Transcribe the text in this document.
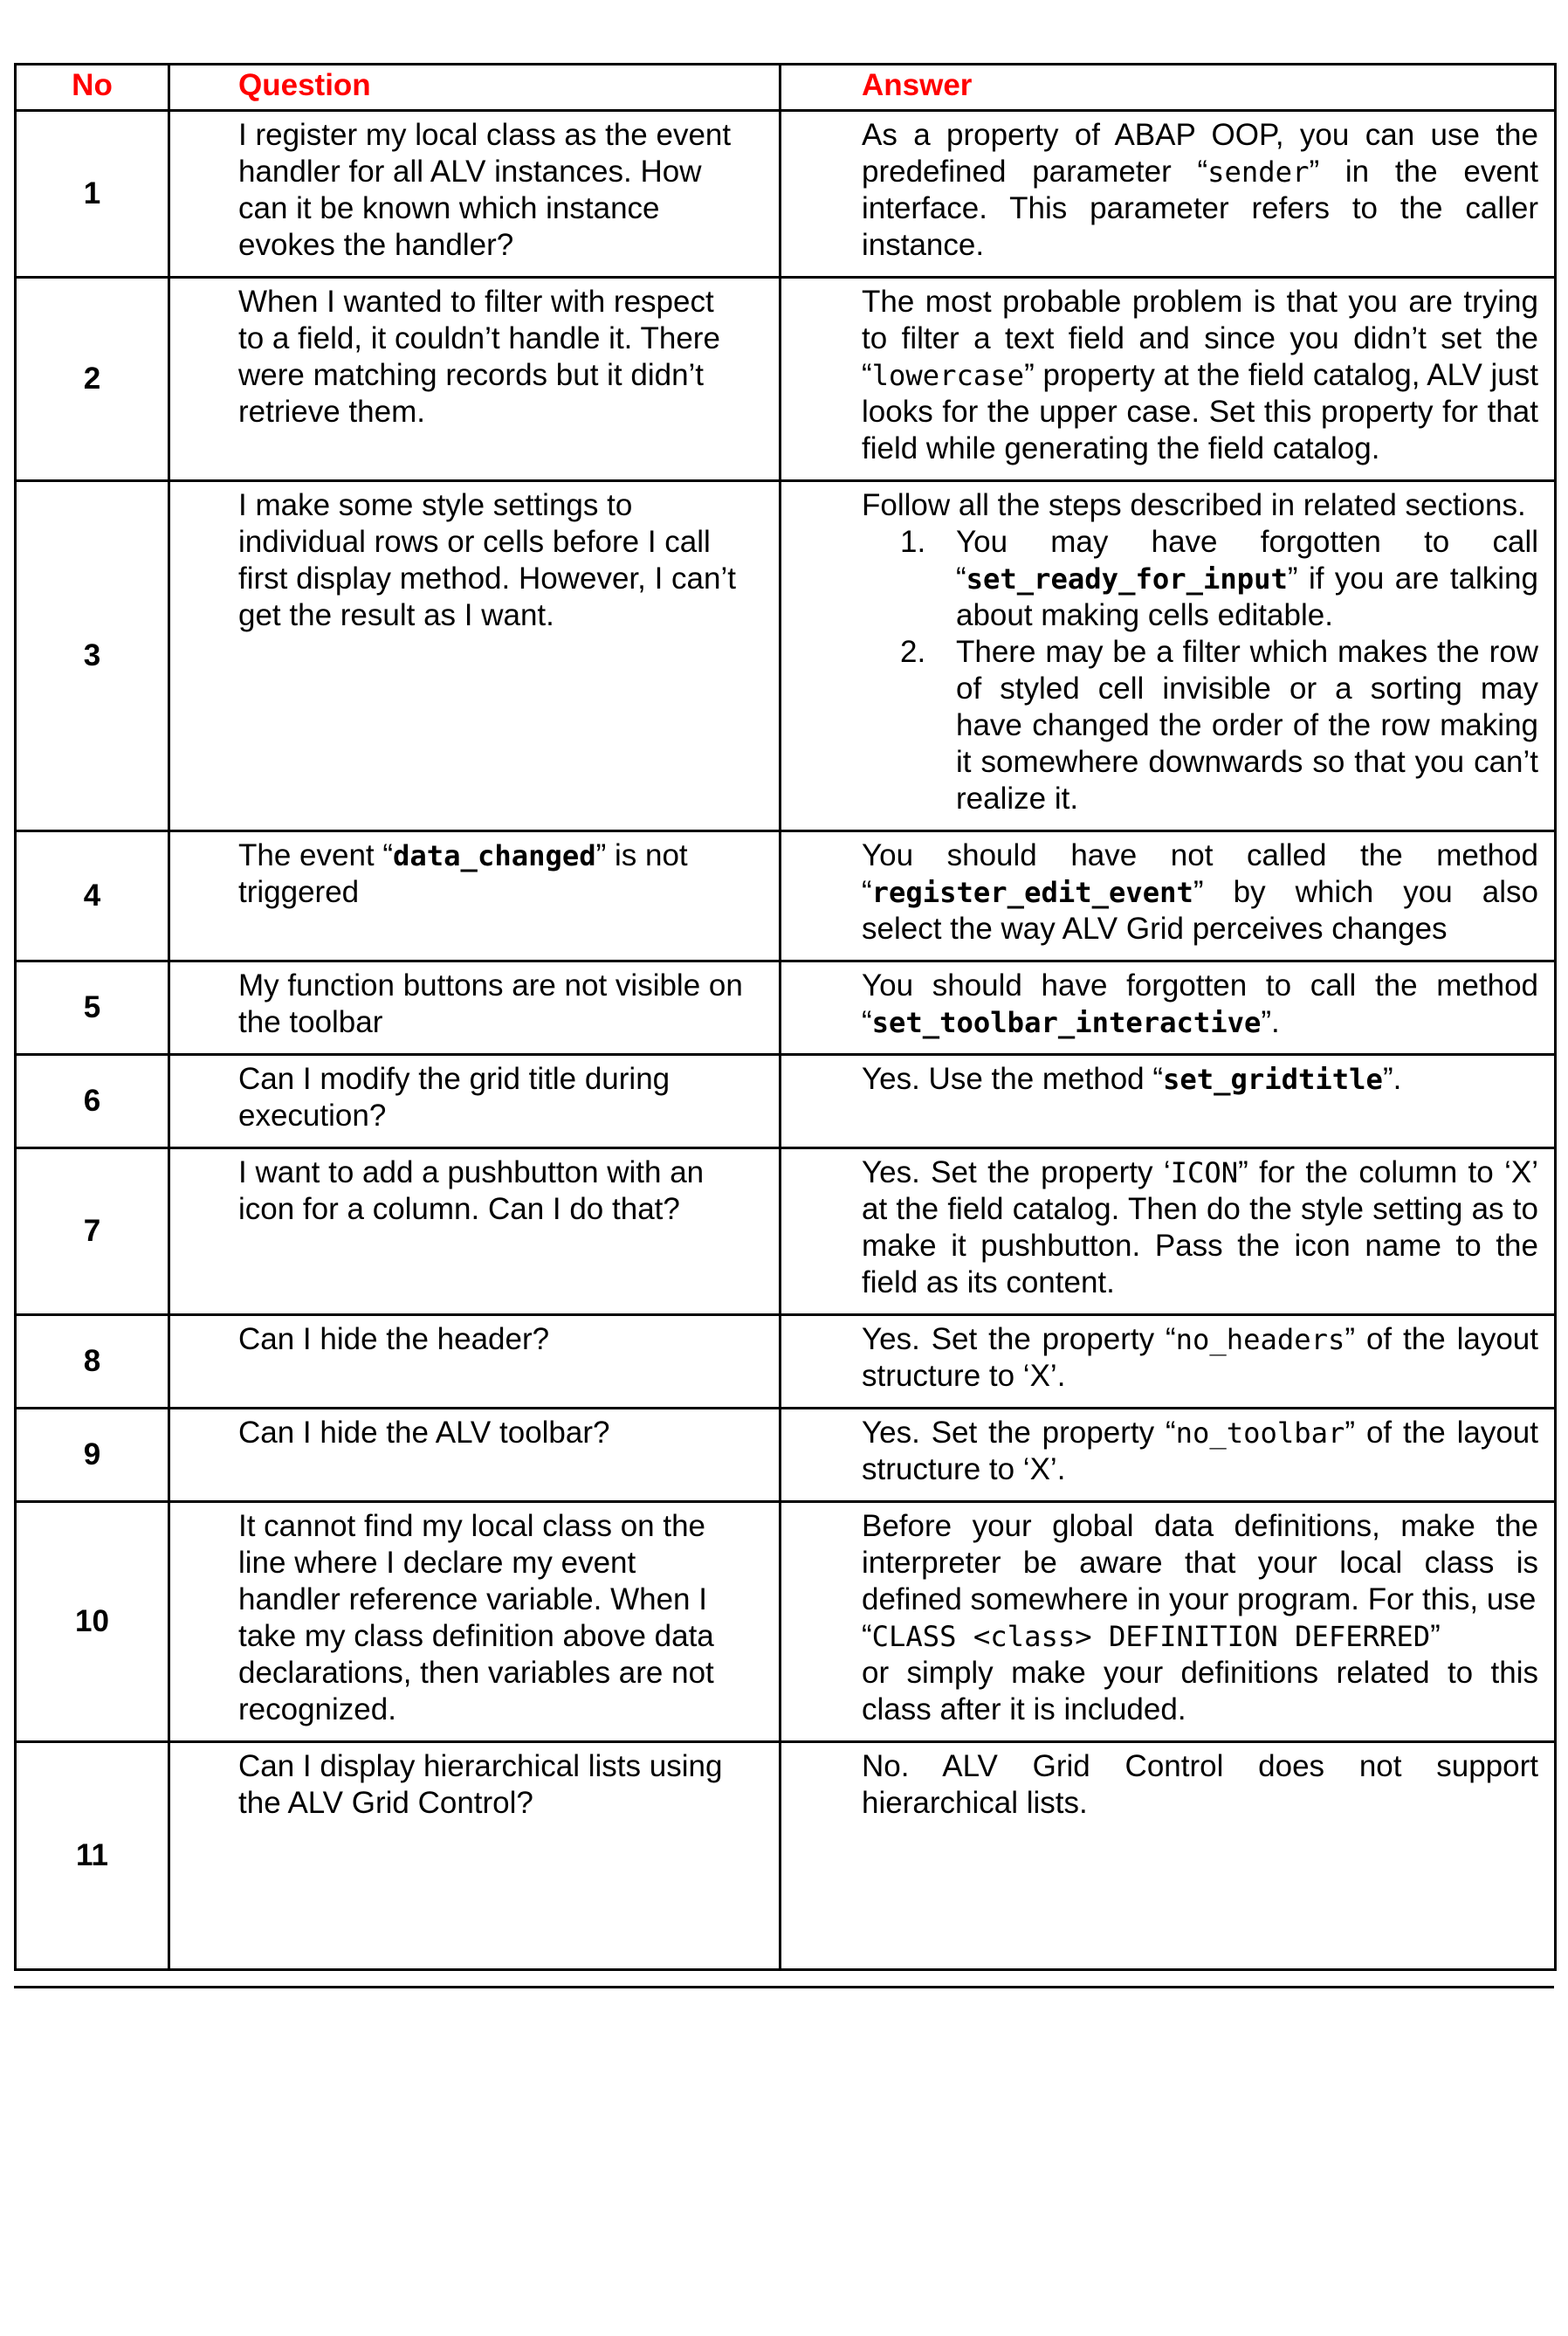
No	Question	Answer
1	I register my local class as the event handler for all ALV instances. How can it be known which instance evokes the handler?	As a property of ABAP OOP, you can use the predefined parameter “sender” in the event interface. This parameter refers to the caller instance.

2	When I wanted to filter with respect to a field, it couldn’t handle it. There were matching records but it didn’t retrieve them.	The most probable problem is that you are trying to filter a text field and since you didn’t set the “lowercase” property at the field catalog, ALV just looks for the upper case. Set this property for that field while generating the field catalog.

3	I make some style settings to individual rows or cells before I call first display method. However, I can’t get the result as I want.	Follow all the steps described in related sections.
1. You may have forgotten to call “set_ready_for_input” if you are talking about making cells editable.
2. There may be a filter which makes the row of styled cell invisible or a sorting may have changed the order of the row making it somewhere downwards so that you can’t realize it.

4	The event “data_changed” is not triggered	You should have not called the method “register_edit_event” by which you also select the way ALV Grid perceives changes

5	My function buttons are not visible on the toolbar	You should have forgotten to call the method “set_toolbar_interactive”.

6	Can I modify the grid title during execution?	Yes. Use the method “set_gridtitle”.

7	I want to add a pushbutton with an icon for a column. Can I do that?	Yes. Set the property ‘ICON” for the column to ‘X’ at the field catalog. Then do the style setting as to make it pushbutton. Pass the icon name to the field as its content.

8	Can I hide the header?	Yes. Set the property “no_headers” of the layout structure to ‘X’.

9	Can I hide the ALV toolbar?	Yes. Set the property “no_toolbar” of the layout structure to ‘X’.

10	It cannot find my local class on the line where I declare my event handler reference variable. When I take my class definition above data declarations, then variables are not recognized.	Before your global data definitions, make the interpreter be aware that your local class is defined somewhere in your program. For this, use
“CLASS <class> DEFINITION DEFERRED”
or simply make your definitions related to this class after it is included.

11	Can I display hierarchical lists using the ALV Grid Control?	No. ALV Grid Control does not support hierarchical lists.
